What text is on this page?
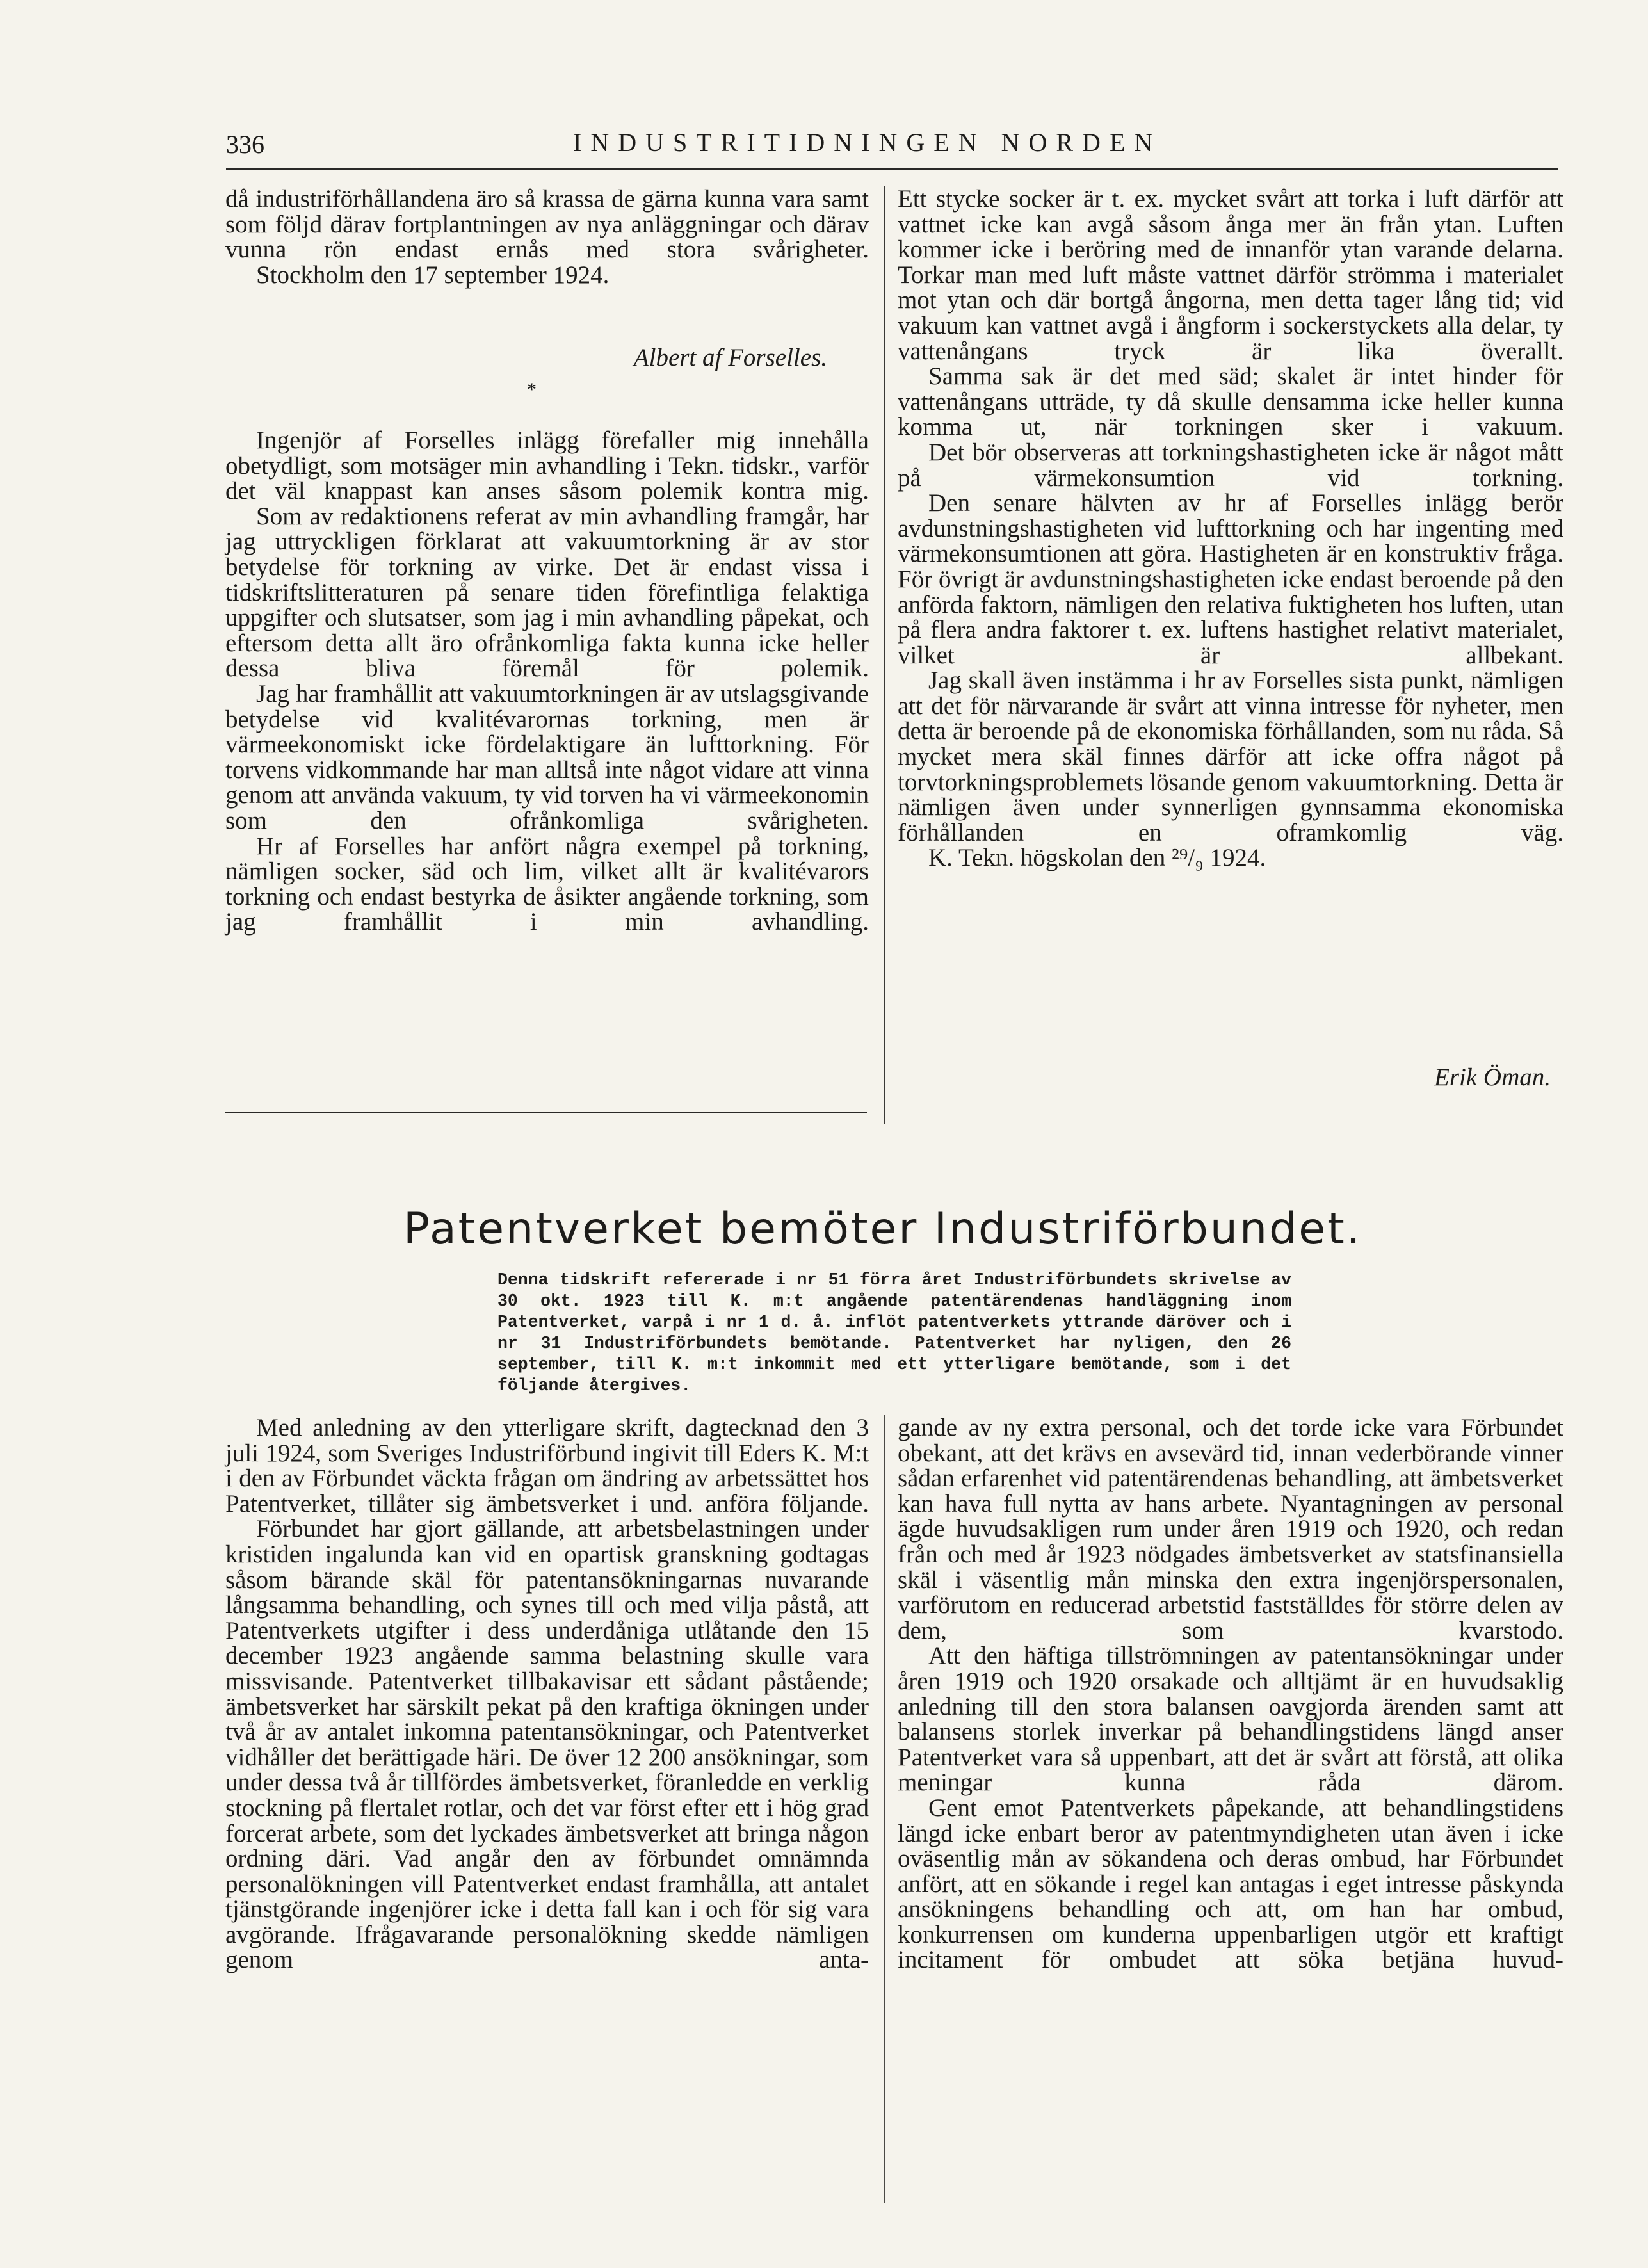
336	INDUSTRITIDNINGEN NORDEN

då industriförhållandena äro så krassa de gärna kunna vara samt som följd därav fortplantningen av nya anläggningar och därav vunna rön endast ernås med stora svårigheter.

Stockholm den 17 september 1924.

Albert af Forselles.
*

Ingenjör af Forselles inlägg förefaller mig innehålla obetydligt, som motsäger min avhandling i Tekn. tidskr., varför det väl knappast kan anses såsom polemik kontra mig.

Som av redaktionens referat av min avhandling framgår, har jag uttryckligen förklarat att vakuumtorkning är av stor betydelse för torkning av virke. Det är endast vissa i tidskriftslitteraturen på senare tiden förefintliga felaktiga uppgifter och slutsatser, som jag i min avhandling påpekat, och eftersom detta allt äro ofrånkomliga fakta kunna icke heller dessa bliva föremål för polemik.

Jag har framhållit att vakuumtorkningen är av utslagsgivande betydelse vid kvalitévarornas torkning, men är värmeekonomiskt icke fördelaktigare än lufttorkning. För torvens vidkommande har man alltså inte något vidare att vinna genom att använda vakuum, ty vid torven ha vi värmeekonomin som den ofrånkomliga svårigheten.

Hr af Forselles har anfört några exempel på torkning, nämligen socker, säd och lim, vilket allt är kvalitévarors torkning och endast bestyrka de åsikter angående torkning, som jag framhållit i min avhandling.

Ett stycke socker är t. ex. mycket svårt att torka i luft därför att vattnet icke kan avgå såsom ånga mer än från ytan. Luften kommer icke i beröring med de innanför ytan varande delarna. Torkar man med luft måste vattnet därför strömma i materialet mot ytan och där bortgå ångorna, men detta tager lång tid; vid vakuum kan vattnet avgå i ångform i sockerstyckets alla delar, ty vattenångans tryck är lika överallt.

Samma sak är det med säd; skalet är intet hinder för vattenångans utträde, ty då skulle densamma icke heller kunna komma ut, när torkningen sker i vakuum.

Det bör observeras att torkningshastigheten icke är något mått på värmekonsumtion vid torkning.

Den senare hälvten av hr af Forselles inlägg berör avdunstningshastigheten vid lufttorkning och har ingenting med värmekonsumtionen att göra. Hastigheten är en konstruktiv fråga. För övrigt är avdunstningshastigheten icke endast beroende på den anförda faktorn, nämligen den relativa fuktigheten hos luften, utan på flera andra faktorer t. ex. luftens hastighet relativt materialet, vilket är allbekant.

Jag skall även instämma i hr av Forselles sista punkt, nämligen att det för närvarande är svårt att vinna intresse för nyheter, men detta är beroende på de ekonomiska förhållanden, som nu råda. Så mycket mera skäl finnes därför att icke offra något på torvtorkningsproblemets lösande genom vakuumtorkning. Detta är nämligen även under synnerligen gynnsamma ekonomiska förhållanden en oframkomlig väg.

K. Tekn. högskolan den ²⁹/₉ 1924.

Erik Öman.
Patentverket bemöter Industriförbundet.
Denna tidskrift refererade i nr 51 förra året Industriförbundets skrivelse av 30 okt. 1923 till K. m:t angående patentärendenas handläggning inom Patentverket, varpå i nr 1 d. å. inflöt patentverkets yttrande däröver och i nr 31 Industriförbundets bemötande. Patentverket har nyligen, den 26 september, till K. m:t inkommit med ett ytterligare bemötande, som i det följande återgives.

Med anledning av den ytterligare skrift, dagtecknad den 3 juli 1924, som Sveriges Industriförbund ingivit till Eders K. M:t i den av Förbundet väckta frågan om ändring av arbetssättet hos Patentverket, tillåter sig ämbetsverket i und. anföra följande.

Förbundet har gjort gällande, att arbetsbelastningen under kristiden ingalunda kan vid en opartisk granskning godtagas såsom bärande skäl för patentansökningarnas nuvarande långsamma behandling, och synes till och med vilja påstå, att Patentverkets utgifter i dess underdåniga utlåtande den 15 december 1923 angående samma belastning skulle vara missvisande. Patentverket tillbakavisar ett sådant påstående; ämbetsverket har särskilt pekat på den kraftiga ökningen under två år av antalet inkomna patentansökningar, och Patentverket vidhåller det berättigade häri. De över 12 200 ansökningar, som under dessa två år tillfördes ämbetsverket, föranledde en verklig stockning på flertalet rotlar, och det var först efter ett i hög grad forcerat arbete, som det lyckades ämbetsverket att bringa någon ordning däri. Vad angår den av förbundet omnämnda personalökningen vill Patentverket endast framhålla, att antalet tjänstgörande ingenjörer icke i detta fall kan i och för sig vara avgörande. Ifrågavarande personalökning skedde nämligen genom anta-

gande av ny extra personal, och det torde icke vara Förbundet obekant, att det krävs en avsevärd tid, innan vederbörande vinner sådan erfarenhet vid patentärendenas behandling, att ämbetsverket kan hava full nytta av hans arbete. Nyantagningen av personal ägde huvudsakligen rum under åren 1919 och 1920, och redan från och med år 1923 nödgades ämbetsverket av statsfinansiella skäl i väsentlig mån minska den extra ingenjörspersonalen, varförutom en reducerad arbetstid fastställdes för större delen av dem, som kvarstodo.

Att den häftiga tillströmningen av patentansökningar under åren 1919 och 1920 orsakade och alltjämt är en huvudsaklig anledning till den stora balansen oavgjorda ärenden samt att balansens storlek inverkar på behandlingstidens längd anser Patentverket vara så uppenbart, att det är svårt att förstå, att olika meningar kunna råda därom.

Gent emot Patentverkets påpekande, att behandlingstidens längd icke enbart beror av patentmyndigheten utan även i icke oväsentlig mån av sökandena och deras ombud, har Förbundet anfört, att en sökande i regel kan antagas i eget intresse påskynda ansökningens behandling och att, om han har ombud, konkurrensen om kunderna uppenbarligen utgör ett kraftigt incitament för ombudet att söka betjäna huvud-
